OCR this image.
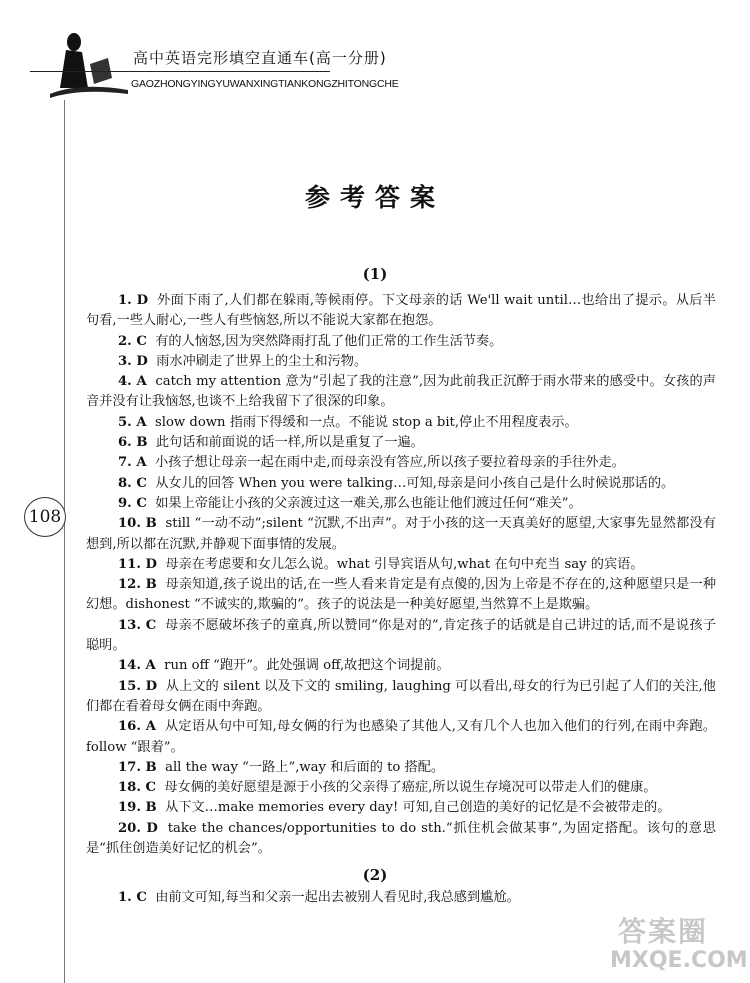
高中英语完形填空直通车(高一分册)
GAOZHONGYINGYUWANXINGTIANKONGZHITONGCHE
108
参考答案
(1)

1. D 外面下雨了,人们都在躲雨,等候雨停。下文母亲的话 We'll wait until…也给出了提示。从后半句看,一些人耐心,一些人有些恼怒,所以不能说大家都在抱怨。

2. C 有的人恼怒,因为突然降雨打乱了他们正常的工作生活节奏。

3. D 雨水冲刷走了世界上的尘土和污物。

4. A catch my attention 意为“引起了我的注意”,因为此前我正沉醉于雨水带来的感受中。女孩的声音并没有让我恼怒,也谈不上给我留下了很深的印象。

5. A slow down 指雨下得缓和一点。不能说 stop a bit,停止不用程度表示。

6. B 此句话和前面说的话一样,所以是重复了一遍。

7. A 小孩子想让母亲一起在雨中走,而母亲没有答应,所以孩子要拉着母亲的手往外走。

8. C 从女儿的回答 When you were talking…可知,母亲是问小孩自己是什么时候说那话的。

9. C 如果上帝能让小孩的父亲渡过这一难关,那么也能让他们渡过任何“难关”。

10. B still “一动不动”;silent “沉默,不出声”。对于小孩的这一天真美好的愿望,大家事先显然都没有想到,所以都在沉默,并静观下面事情的发展。

11. D 母亲在考虑要和女儿怎么说。what 引导宾语从句,what 在句中充当 say 的宾语。

12. B 母亲知道,孩子说出的话,在一些人看来肯定是有点傻的,因为上帝是不存在的,这种愿望只是一种幻想。dishonest “不诚实的,欺骗的”。孩子的说法是一种美好愿望,当然算不上是欺骗。

13. C 母亲不愿破坏孩子的童真,所以赞同“你是对的”,肯定孩子的话就是自己讲过的话,而不是说孩子聪明。

14. A run off “跑开”。此处强调 off,故把这个词提前。

15. D 从上文的 silent 以及下文的 smiling, laughing 可以看出,母女的行为已引起了人们的关注,他们都在看着母女俩在雨中奔跑。

16. A 从定语从句中可知,母女俩的行为也感染了其他人,又有几个人也加入他们的行列,在雨中奔跑。follow “跟着”。

17. B all the way “一路上”,way 和后面的 to 搭配。

18. C 母女俩的美好愿望是源于小孩的父亲得了癌症,所以说生存境况可以带走人们的健康。

19. B 从下文…make memories every day! 可知,自己创造的美好的记忆是不会被带走的。

20. D take the chances/opportunities to do sth.“抓住机会做某事”,为固定搭配。该句的意思是“抓住创造美好记忆的机会”。

(2)

1. C 由前文可知,每当和父亲一起出去被别人看见时,我总感到尴尬。

答案圈
MXQE.COM
